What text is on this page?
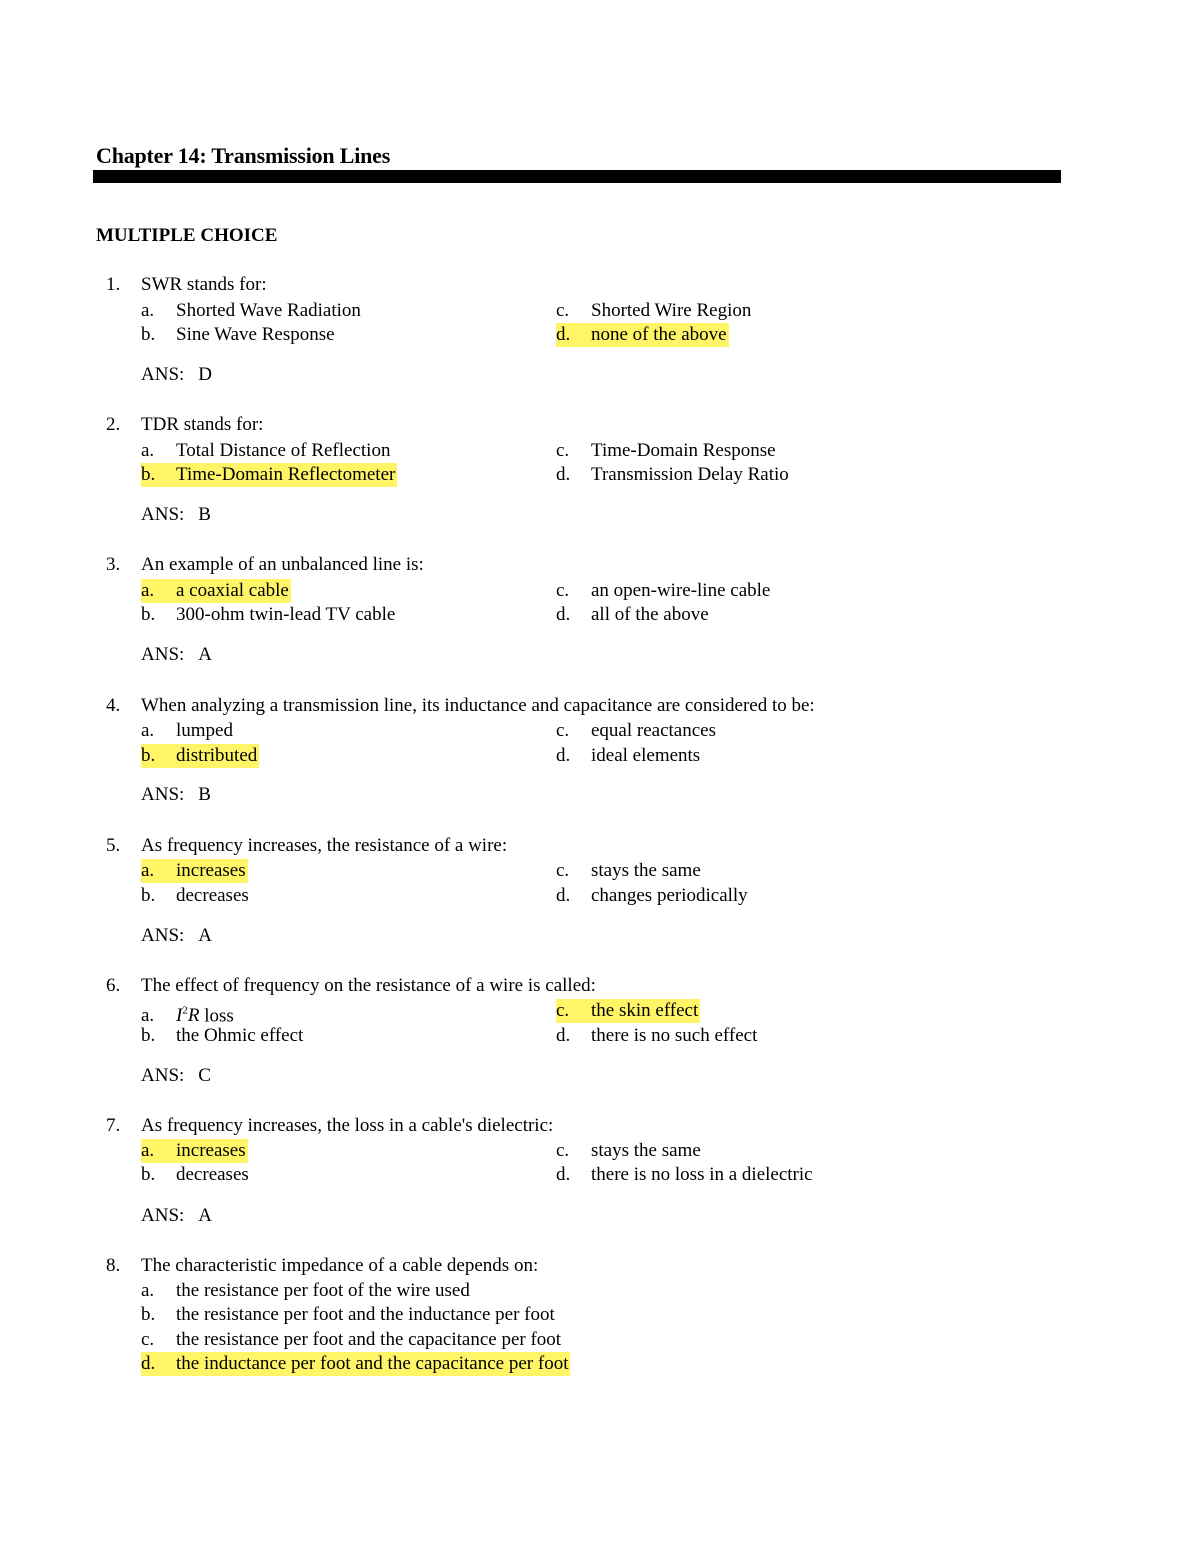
Chapter 14: Transmission Lines
MULTIPLE CHOICE
1. SWR stands for:
a. Shorted Wave Radiation
b. Sine Wave Response
c. Shorted Wire Region
d. none of the above
ANS: D
2. TDR stands for:
a. Total Distance of Reflection
b. Time-Domain Reflectometer
c. Time-Domain Response
d. Transmission Delay Ratio
ANS: B
3. An example of an unbalanced line is:
a. a coaxial cable
b. 300-ohm twin-lead TV cable
c. an open-wire-line cable
d. all of the above
ANS: A
4. When analyzing a transmission line, its inductance and capacitance are considered to be:
a. lumped
b. distributed
c. equal reactances
d. ideal elements
ANS: B
5. As frequency increases, the resistance of a wire:
a. increases
b. decreases
c. stays the same
d. changes periodically
ANS: A
6. The effect of frequency on the resistance of a wire is called:
a. $I^2R$ loss
b. the Ohmic effect
c. the skin effect
d. there is no such effect
ANS: C
7. As frequency increases, the loss in a cable's dielectric:
a. increases
b. decreases
c. stays the same
d. there is no loss in a dielectric
ANS: A
8. The characteristic impedance of a cable depends on:
a. the resistance per foot of the wire used
b. the resistance per foot and the inductance per foot
c. the resistance per foot and the capacitance per foot
d. the inductance per foot and the capacitance per foot
